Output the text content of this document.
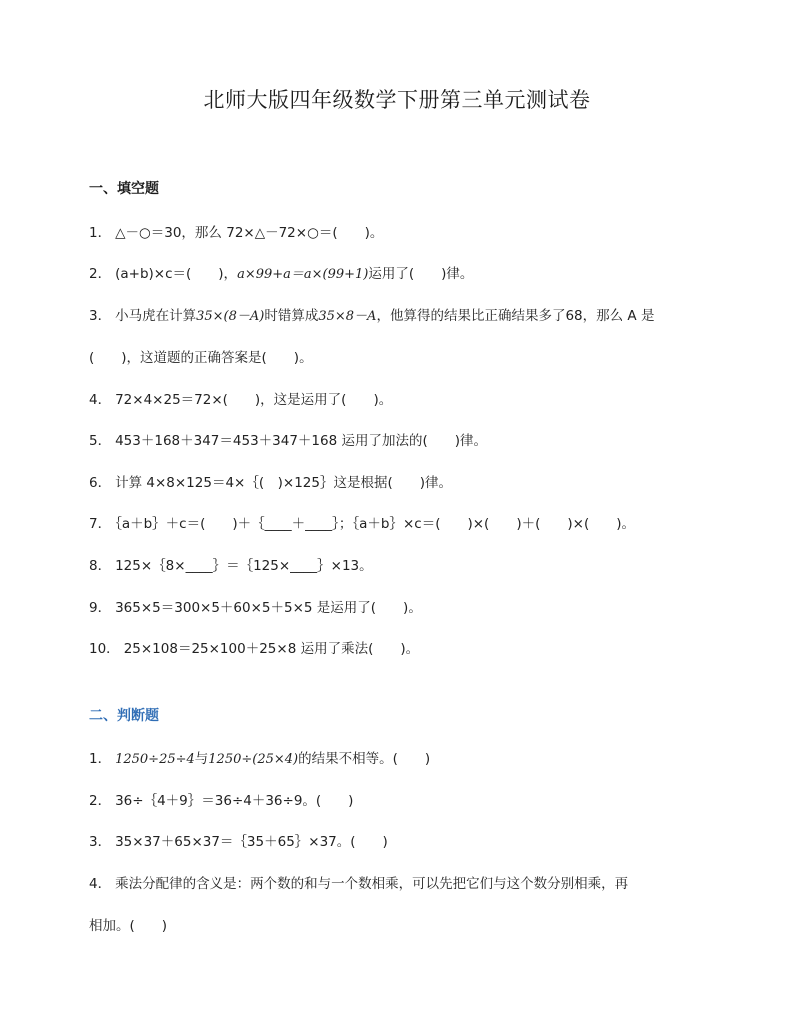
北师大版四年级数学下册第三单元测试卷
一、填空题
1． △－○＝30，那么 72×△－72×○＝(　　)。
2． (a+b)×c＝(　　)，a×99+a＝a×(99+1)运用了(　　)律。
3． 小马虎在计算35×(8－A)时错算成35×8－A，他算得的结果比正确结果多了68，那么 A 是
(　　)，这道题的正确答案是(　　)。
4． 72×4×25＝72×(　　)，这是运用了(　　)。
5． 453＋168＋347＝453＋347＋168 运用了加法的(　　)律。
6． 计算 4×8×125＝4×｛(　)×125｝这是根据(　　)律。
7． ｛a＋b｝＋c＝(　　)＋｛____＋____｝；｛a＋b｝×c＝(　　)×(　　)＋(　　)×(　　)。
8． 125×｛8×____｝＝｛125×____｝×13。
9． 365×5＝300×5＋60×5＋5×5 是运用了(　　)。
10． 25×108＝25×100＋25×8 运用了乘法(　　)。
二、判断题
1． 1250÷25÷4与1250÷(25×4)的结果不相等。(　　)
2． 36÷｛4＋9｝＝36÷4＋36÷9。(　　)
3． 35×37＋65×37＝｛35＋65｝×37。(　　)
4． 乘法分配律的含义是：两个数的和与一个数相乘，可以先把它们与这个数分别相乘，再
相加。(　　)
